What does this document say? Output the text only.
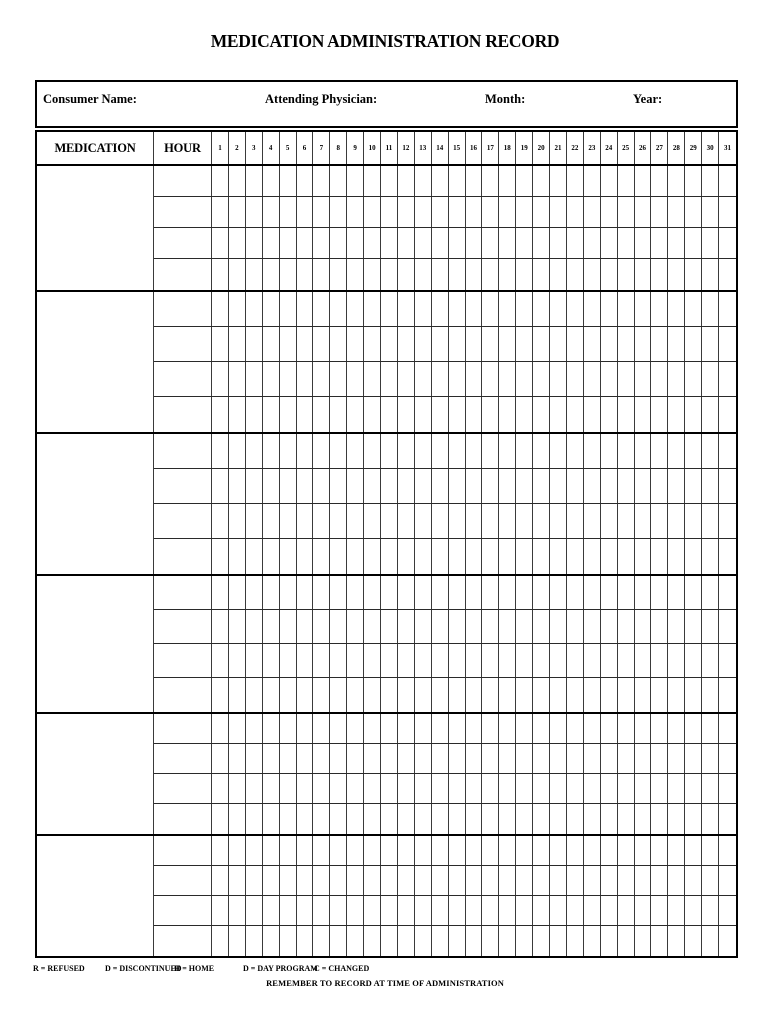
MEDICATION ADMINISTRATION RECORD
Consumer Name:	Attending Physician:	Month:	Year:
MEDICATION	HOUR	1	2	3	4	5	6	7	8	9	10	11	12	13	14	15	16	17	18	19	20	21	22	23	24	25	26	27	28	29	30	31
R = REFUSED	D = DISCONTINUED
H = HOME	D = DAY PROGRAM
C = CHANGED
REMEMBER TO RECORD AT TIME OF ADMINISTRATION
